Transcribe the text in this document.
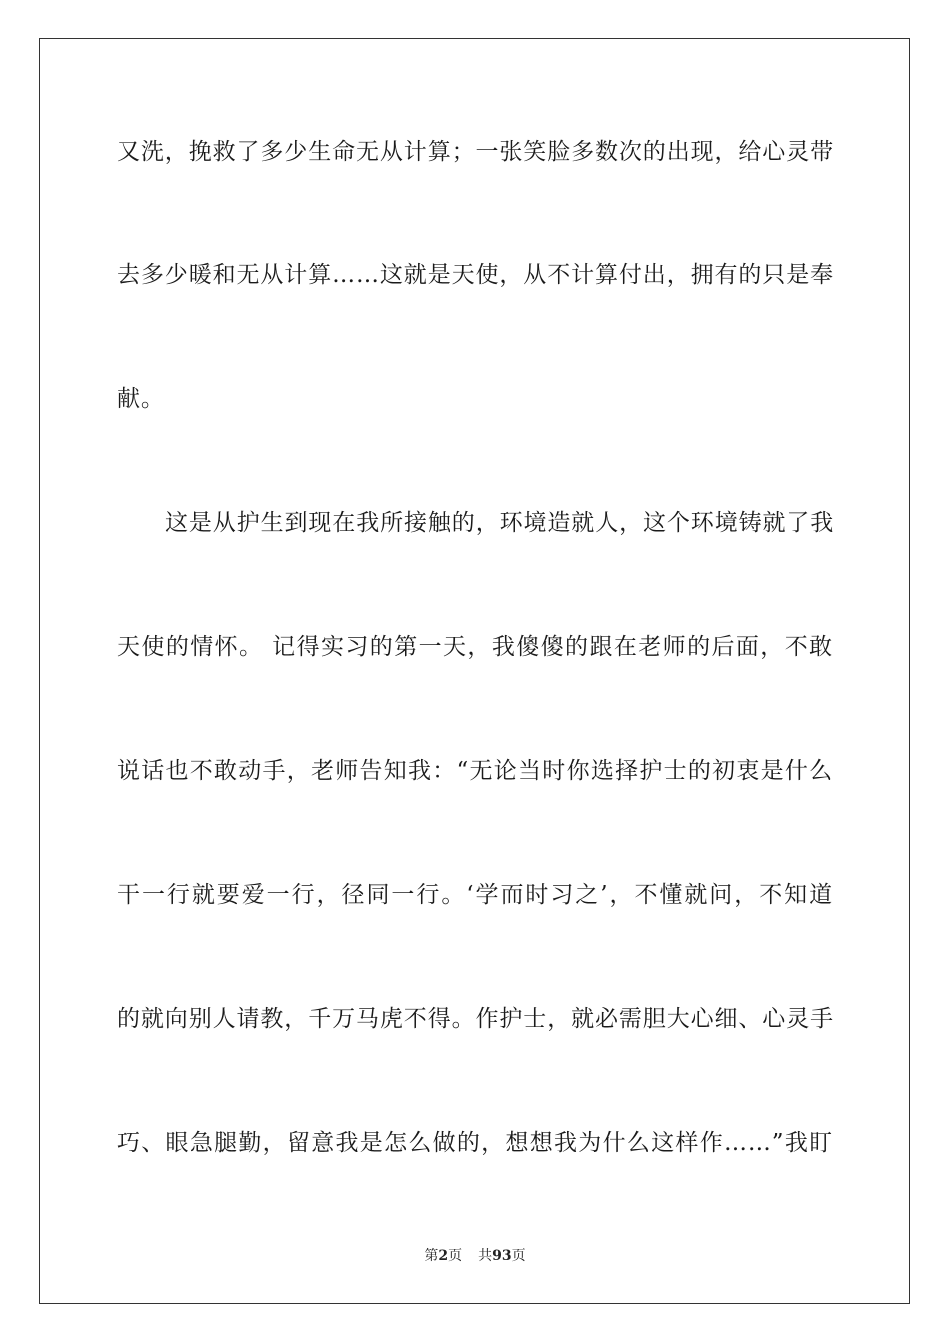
又洗，挽救了多少生命无从计算；一张笑脸多数次的出现，给心灵带
去多少暖和无从计算……这就是天使，从不计算付出，拥有的只是奉
献。
这是从护生到现在我所接触的，环境造就人，这个环境铸就了我
天使的情怀。 记得实习的第一天，我傻傻的跟在老师的后面，不敢
说话也不敢动手，老师告知我：“无论当时你选择护士的初衷是什么
干一行就要爱一行，径同一行。‘学而时习之’，不懂就问，不知道
的就向别人请教，千万马虎不得。作护士，就必需胆大心细、心灵手
巧、眼急腿勤，留意我是怎么做的，想想我为什么这样作……”我盯
第2页 共93页
